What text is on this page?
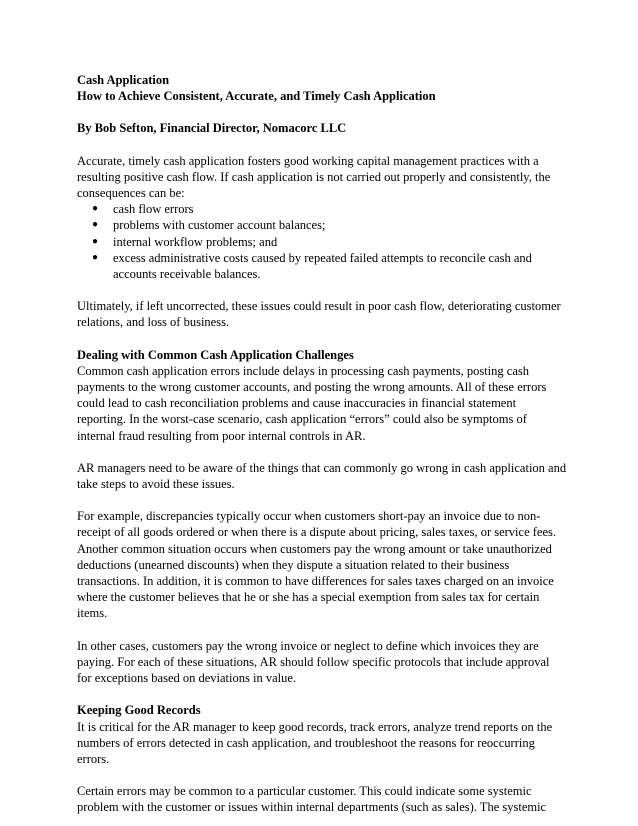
Cash Application
How to Achieve Consistent, Accurate, and Timely Cash Application
By Bob Sefton, Financial Director, Nomacorc LLC

Accurate, timely cash application fosters good working capital management practices with a resulting positive cash flow. If cash application is not carried out properly and consistently, the consequences can be:

● cash flow errors
● problems with customer account balances;
● internal workflow problems; and
● excess administrative costs caused by repeated failed attempts to reconcile cash and accounts receivable balances.

Ultimately, if left uncorrected, these issues could result in poor cash flow, deteriorating customer relations, and loss of business.

Dealing with Common Cash Application Challenges

Common cash application errors include delays in processing cash payments, posting cash payments to the wrong customer accounts, and posting the wrong amounts. All of these errors could lead to cash reconciliation problems and cause inaccuracies in financial statement reporting. In the worst-case scenario, cash application “errors” could also be symptoms of internal fraud resulting from poor internal controls in AR.

AR managers need to be aware of the things that can commonly go wrong in cash application and take steps to avoid these issues.

For example, discrepancies typically occur when customers short-pay an invoice due to non-receipt of all goods ordered or when there is a dispute about pricing, sales taxes, or service fees. Another common situation occurs when customers pay the wrong amount or take unauthorized deductions (unearned discounts) when they dispute a situation related to their business transactions. In addition, it is common to have differences for sales taxes charged on an invoice where the customer believes that he or she has a special exemption from sales tax for certain items.

In other cases, customers pay the wrong invoice or neglect to define which invoices they are paying. For each of these situations, AR should follow specific protocols that include approval for exceptions based on deviations in value.

Keeping Good Records

It is critical for the AR manager to keep good records, track errors, analyze trend reports on the numbers of errors detected in cash application, and troubleshoot the reasons for reoccurring errors.

Certain errors may be common to a particular customer. This could indicate some systemic problem with the customer or issues within internal departments (such as sales). The systemic
